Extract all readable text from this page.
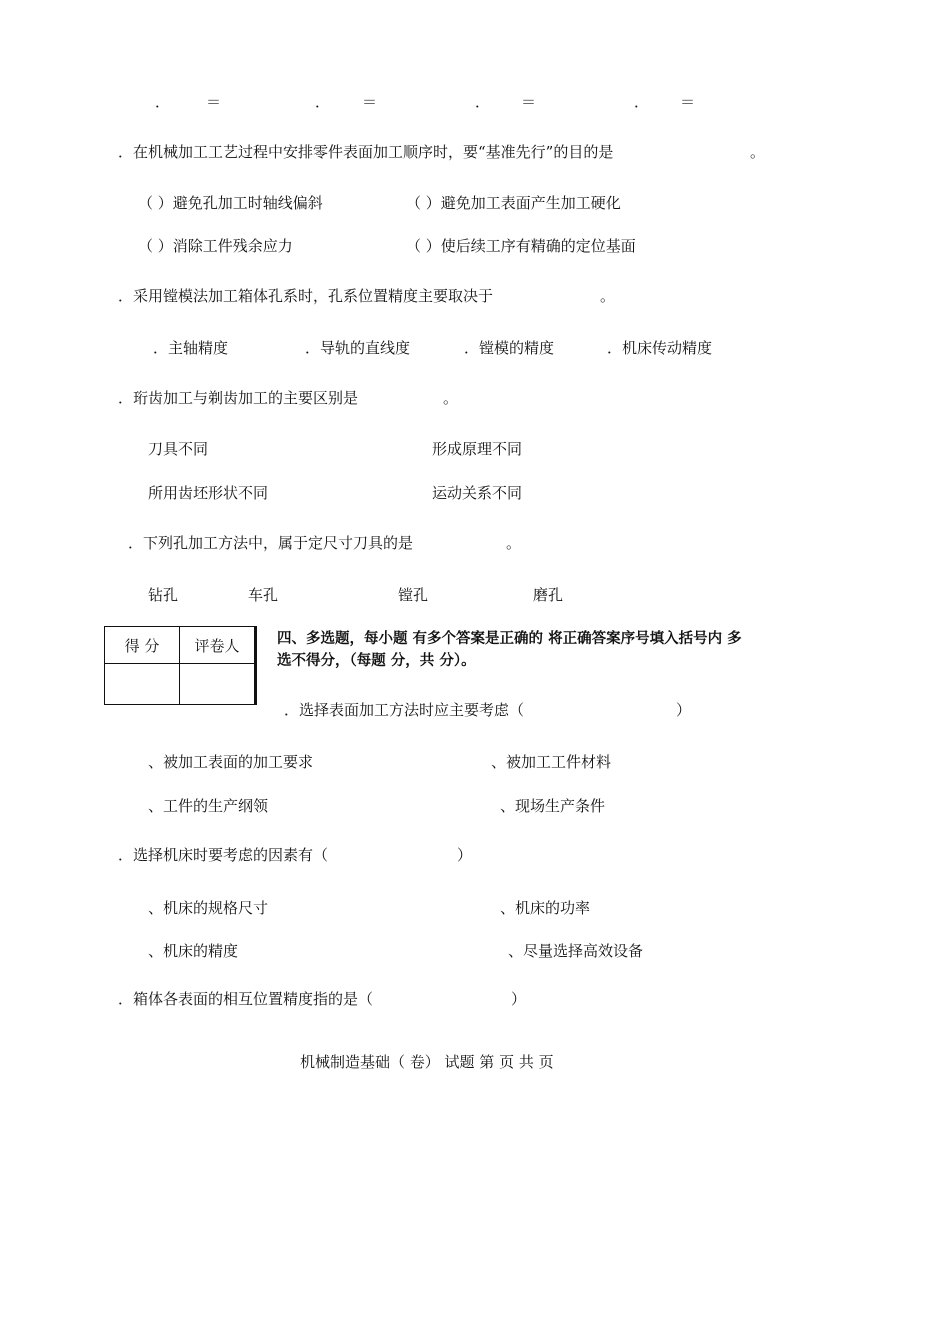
． ＝	． ＝	． ＝	． ＝
．在机械加工工艺过程中安排零件表面加工顺序时，要“基准先行”的目的是	。
（ ）避免孔加工时轴线偏斜	（ ）避免加工表面产生加工硬化
（ ）消除工件残余应力	（ ）使后续工序有精确的定位基面
．采用镗模法加工箱体孔系时，孔系位置精度主要取决于	。
．主轴精度	．导轨的直线度	．镗模的精度	．机床传动精度
．珩齿加工与剃齿加工的主要区别是	。
刀具不同	形成原理不同
所用齿坯形状不同	运动关系不同
．下列孔加工方法中，属于定尺寸刀具的是	。
钻孔	车孔	镗孔	磨孔
得 分	评卷人
		四、多选题，每小题 有多个答案是正确的 将正确答案序号填入括号内 多
选不得分，（每题 分，共 分）。
．选择表面加工方法时应主要考虑（	）
、被加工表面的加工要求	、被加工工件材料
、工件的生产纲领	、现场生产条件
．选择机床时要考虑的因素有（	）
、机床的规格尺寸	、机床的功率
、机床的精度	、尽量选择高效设备
．箱体各表面的相互位置精度指的是（	）
机械制造基础（ 卷） 试题 第 页 共 页
